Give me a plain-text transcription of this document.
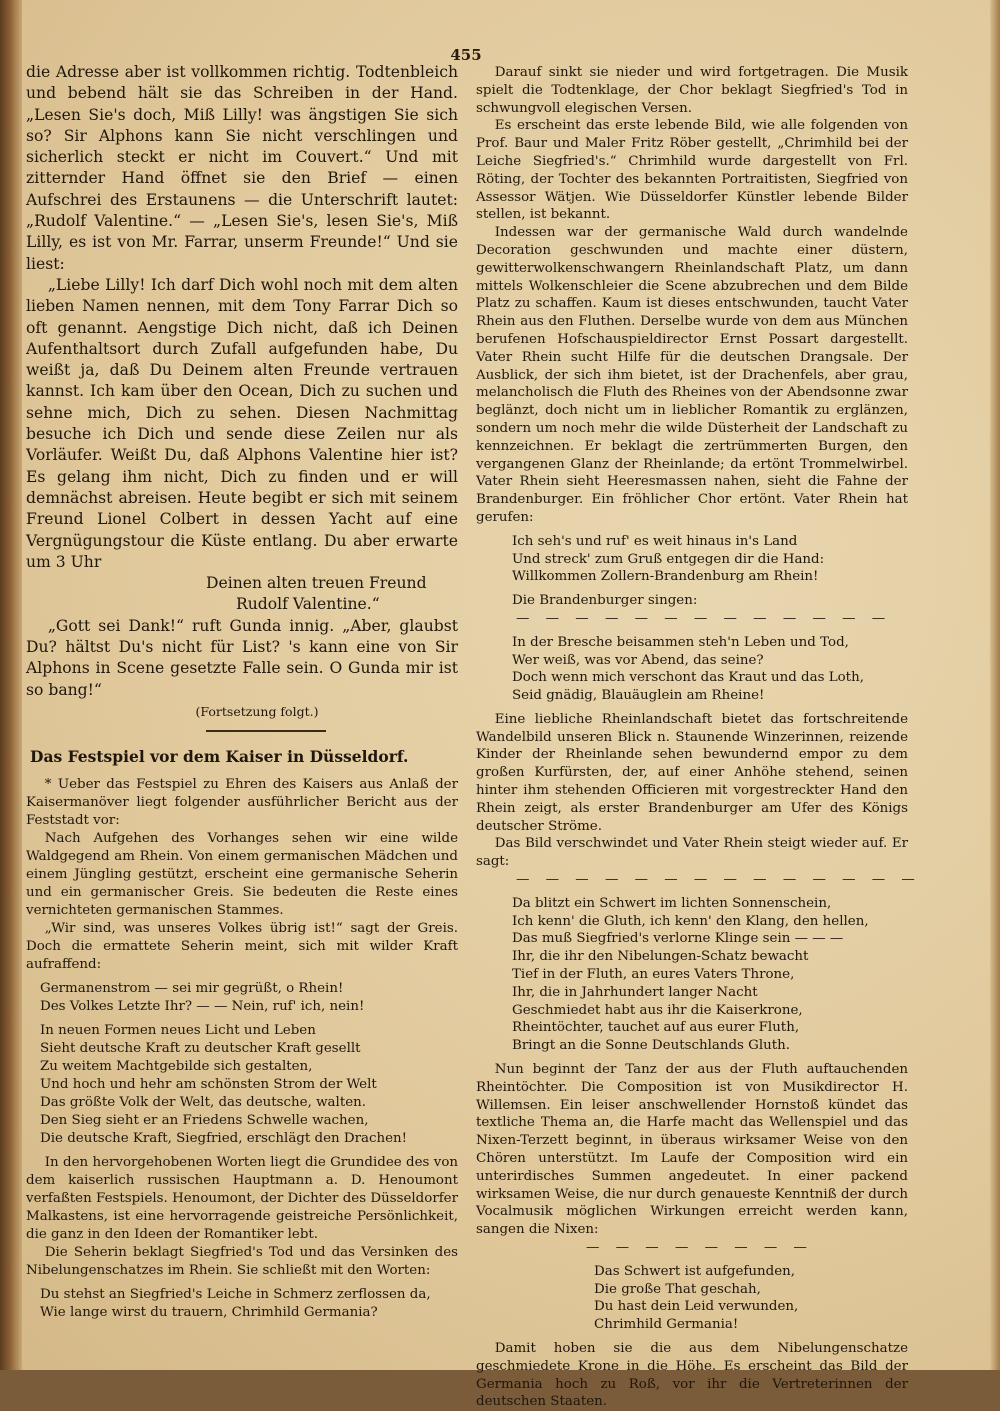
455

die Adresse aber ist vollkommen richtig. Todtenbleich und bebend hält sie das Schreiben in der Hand. „Lesen Sie's doch, Miß Lilly! was ängstigen Sie sich so? Sir Alphons kann Sie nicht verschlingen und sicherlich steckt er nicht im Couvert.“ Und mit zitternder Hand öffnet sie den Brief — einen Aufschrei des Erstaunens — die Unterschrift lautet: „Rudolf Valentine.“ — „Lesen Sie's, lesen Sie's, Miß Lilly, es ist von Mr. Farrar, unserm Freunde!“ Und sie liest:

„Liebe Lilly! Ich darf Dich wohl noch mit dem alten lieben Namen nennen, mit dem Tony Farrar Dich so oft genannt. Aengstige Dich nicht, daß ich Deinen Aufenthaltsort durch Zufall aufgefunden habe, Du weißt ja, daß Du Deinem alten Freunde vertrauen kannst. Ich kam über den Ocean, Dich zu suchen und sehne mich, Dich zu sehen. Diesen Nachmittag besuche ich Dich und sende diese Zeilen nur als Vorläufer. Weißt Du, daß Alphons Valentine hier ist? Es gelang ihm nicht, Dich zu finden und er will demnächst abreisen. Heute begibt er sich mit seinem Freund Lionel Colbert in dessen Yacht auf eine Vergnügungstour die Küste entlang. Du aber erwarte um 3 Uhr

Deinen alten treuen Freund
Rudolf Valentine.“

„Gott sei Dank!“ ruft Gunda innig. „Aber, glaubst Du? hältst Du's nicht für List? 's kann eine von Sir Alphons in Scene gesetzte Falle sein. O Gunda mir ist so bang!“

(Fortsetzung folgt.)
Das Festspiel vor dem Kaiser in Düsseldorf.

* Ueber das Festspiel zu Ehren des Kaisers aus Anlaß der Kaisermanöver liegt folgender ausführlicher Bericht aus der Feststadt vor:

Nach Aufgehen des Vorhanges sehen wir eine wilde Waldgegend am Rhein. Von einem germanischen Mädchen und einem Jüngling gestützt, erscheint eine germanische Seherin und ein germanischer Greis. Sie bedeuten die Reste eines vernichteten germanischen Stammes.

„Wir sind, was unseres Volkes übrig ist!“ sagt der Greis. Doch die ermattete Seherin meint, sich mit wilder Kraft aufraffend:

Germanenstrom — sei mir gegrüßt, o Rhein!
Des Volkes Letzte Ihr? — — Nein, ruf' ich, nein!
In neuen Formen neues Licht und Leben
Sieht deutsche Kraft zu deutscher Kraft gesellt
Zu weitem Machtgebilde sich gestalten,
Und hoch und hehr am schönsten Strom der Welt
Das größte Volk der Welt, das deutsche, walten.
Den Sieg sieht er an Friedens Schwelle wachen,
Die deutsche Kraft, Siegfried, erschlägt den Drachen!

In den hervorgehobenen Worten liegt die Grundidee des von dem kaiserlich russischen Hauptmann a. D. Henoumont verfaßten Festspiels. Henoumont, der Dichter des Düsseldorfer Malkastens, ist eine hervorragende geistreiche Persönlichkeit, die ganz in den Ideen der Romantiker lebt.

Die Seherin beklagt Siegfried's Tod und das Versinken des Nibelungenschatzes im Rhein. Sie schließt mit den Worten:

Du stehst an Siegfried's Leiche in Schmerz zerflossen da,
Wie lange wirst du trauern, Chrimhild Germania?

Darauf sinkt sie nieder und wird fortgetragen. Die Musik spielt die Todtenklage, der Chor beklagt Siegfried's Tod in schwungvoll elegischen Versen.

Es erscheint das erste lebende Bild, wie alle folgenden von Prof. Baur und Maler Fritz Röber gestellt, „Chrimhild bei der Leiche Siegfried's.“ Chrimhild wurde dargestellt von Frl. Röting, der Tochter des bekannten Portraitisten, Siegfried von Assessor Wätjen. Wie Düsseldorfer Künstler lebende Bilder stellen, ist bekannt.

Indessen war der germanische Wald durch wandelnde Decoration geschwunden und machte einer düstern, gewitterwolkenschwangern Rheinlandschaft Platz, um dann mittels Wolkenschleier die Scene abzubrechen und dem Bilde Platz zu schaffen. Kaum ist dieses entschwunden, taucht Vater Rhein aus den Fluthen. Derselbe wurde von dem aus München berufenen Hofschauspieldirector Ernst Possart dargestellt. Vater Rhein sucht Hilfe für die deutschen Drangsale. Der Ausblick, der sich ihm bietet, ist der Drachenfels, aber grau, melancholisch die Fluth des Rheines von der Abendsonne zwar beglänzt, doch nicht um in lieblicher Romantik zu erglänzen, sondern um noch mehr die wilde Düsterheit der Landschaft zu kennzeichnen. Er beklagt die zertrümmerten Burgen, den vergangenen Glanz der Rheinlande; da ertönt Trommelwirbel. Vater Rhein sieht Heeresmassen nahen, sieht die Fahne der Brandenburger. Ein fröhlicher Chor ertönt. Vater Rhein hat gerufen:

Ich seh's und ruf' es weit hinaus in's Land
Und streck' zum Gruß entgegen dir die Hand:
Willkommen Zollern-Brandenburg am Rhein!
Die Brandenburger singen:
— — — — — — — — — — — — —
In der Bresche beisammen steh'n Leben und Tod,
Wer weiß, was vor Abend, das seine?
Doch wenn mich verschont das Kraut und das Loth,
Seid gnädig, Blauäuglein am Rheine!

Eine liebliche Rheinlandschaft bietet das fortschreitende Wandelbild unseren Blick n. Staunende Winzerinnen, reizende Kinder der Rheinlande sehen bewundernd empor zu dem großen Kurfürsten, der, auf einer Anhöhe stehend, seinen hinter ihm stehenden Officieren mit vorgestreckter Hand den Rhein zeigt, als erster Brandenburger am Ufer des Königs deutscher Ströme.

Das Bild verschwindet und Vater Rhein steigt wieder auf. Er sagt:

— — — — — — — — — — — — — —
Da blitzt ein Schwert im lichten Sonnenschein,
Ich kenn' die Gluth, ich kenn' den Klang, den hellen,
Das muß Siegfried's verlorne Klinge sein — — —
Ihr, die ihr den Nibelungen-Schatz bewacht
Tief in der Fluth, an eures Vaters Throne,
Ihr, die in Jahrhundert langer Nacht
Geschmiedet habt aus ihr die Kaiserkrone,
Rheintöchter, tauchet auf aus eurer Fluth,
Bringt an die Sonne Deutschlands Gluth.

Nun beginnt der Tanz der aus der Fluth auftauchenden Rheintöchter. Die Composition ist von Musikdirector H. Willemsen. Ein leiser anschwellender Hornstoß kündet das textliche Thema an, die Harfe macht das Wellenspiel und das Nixen-Terzett beginnt, in überaus wirksamer Weise von den Chören unterstützt. Im Laufe der Composition wird ein unterirdisches Summen angedeutet. In einer packend wirksamen Weise, die nur durch genaueste Kenntniß der durch Vocalmusik möglichen Wirkungen erreicht werden kann, sangen die Nixen:

— — — — — — — —
Das Schwert ist aufgefunden,
Die große That geschah,
Du hast dein Leid verwunden,
Chrimhild Germania!

Damit hoben sie die aus dem Nibelungenschatze geschmiedete Krone in die Höhe. Es erscheint das Bild der Germania hoch zu Roß, vor ihr die Vertreterinnen der deutschen Staaten.
